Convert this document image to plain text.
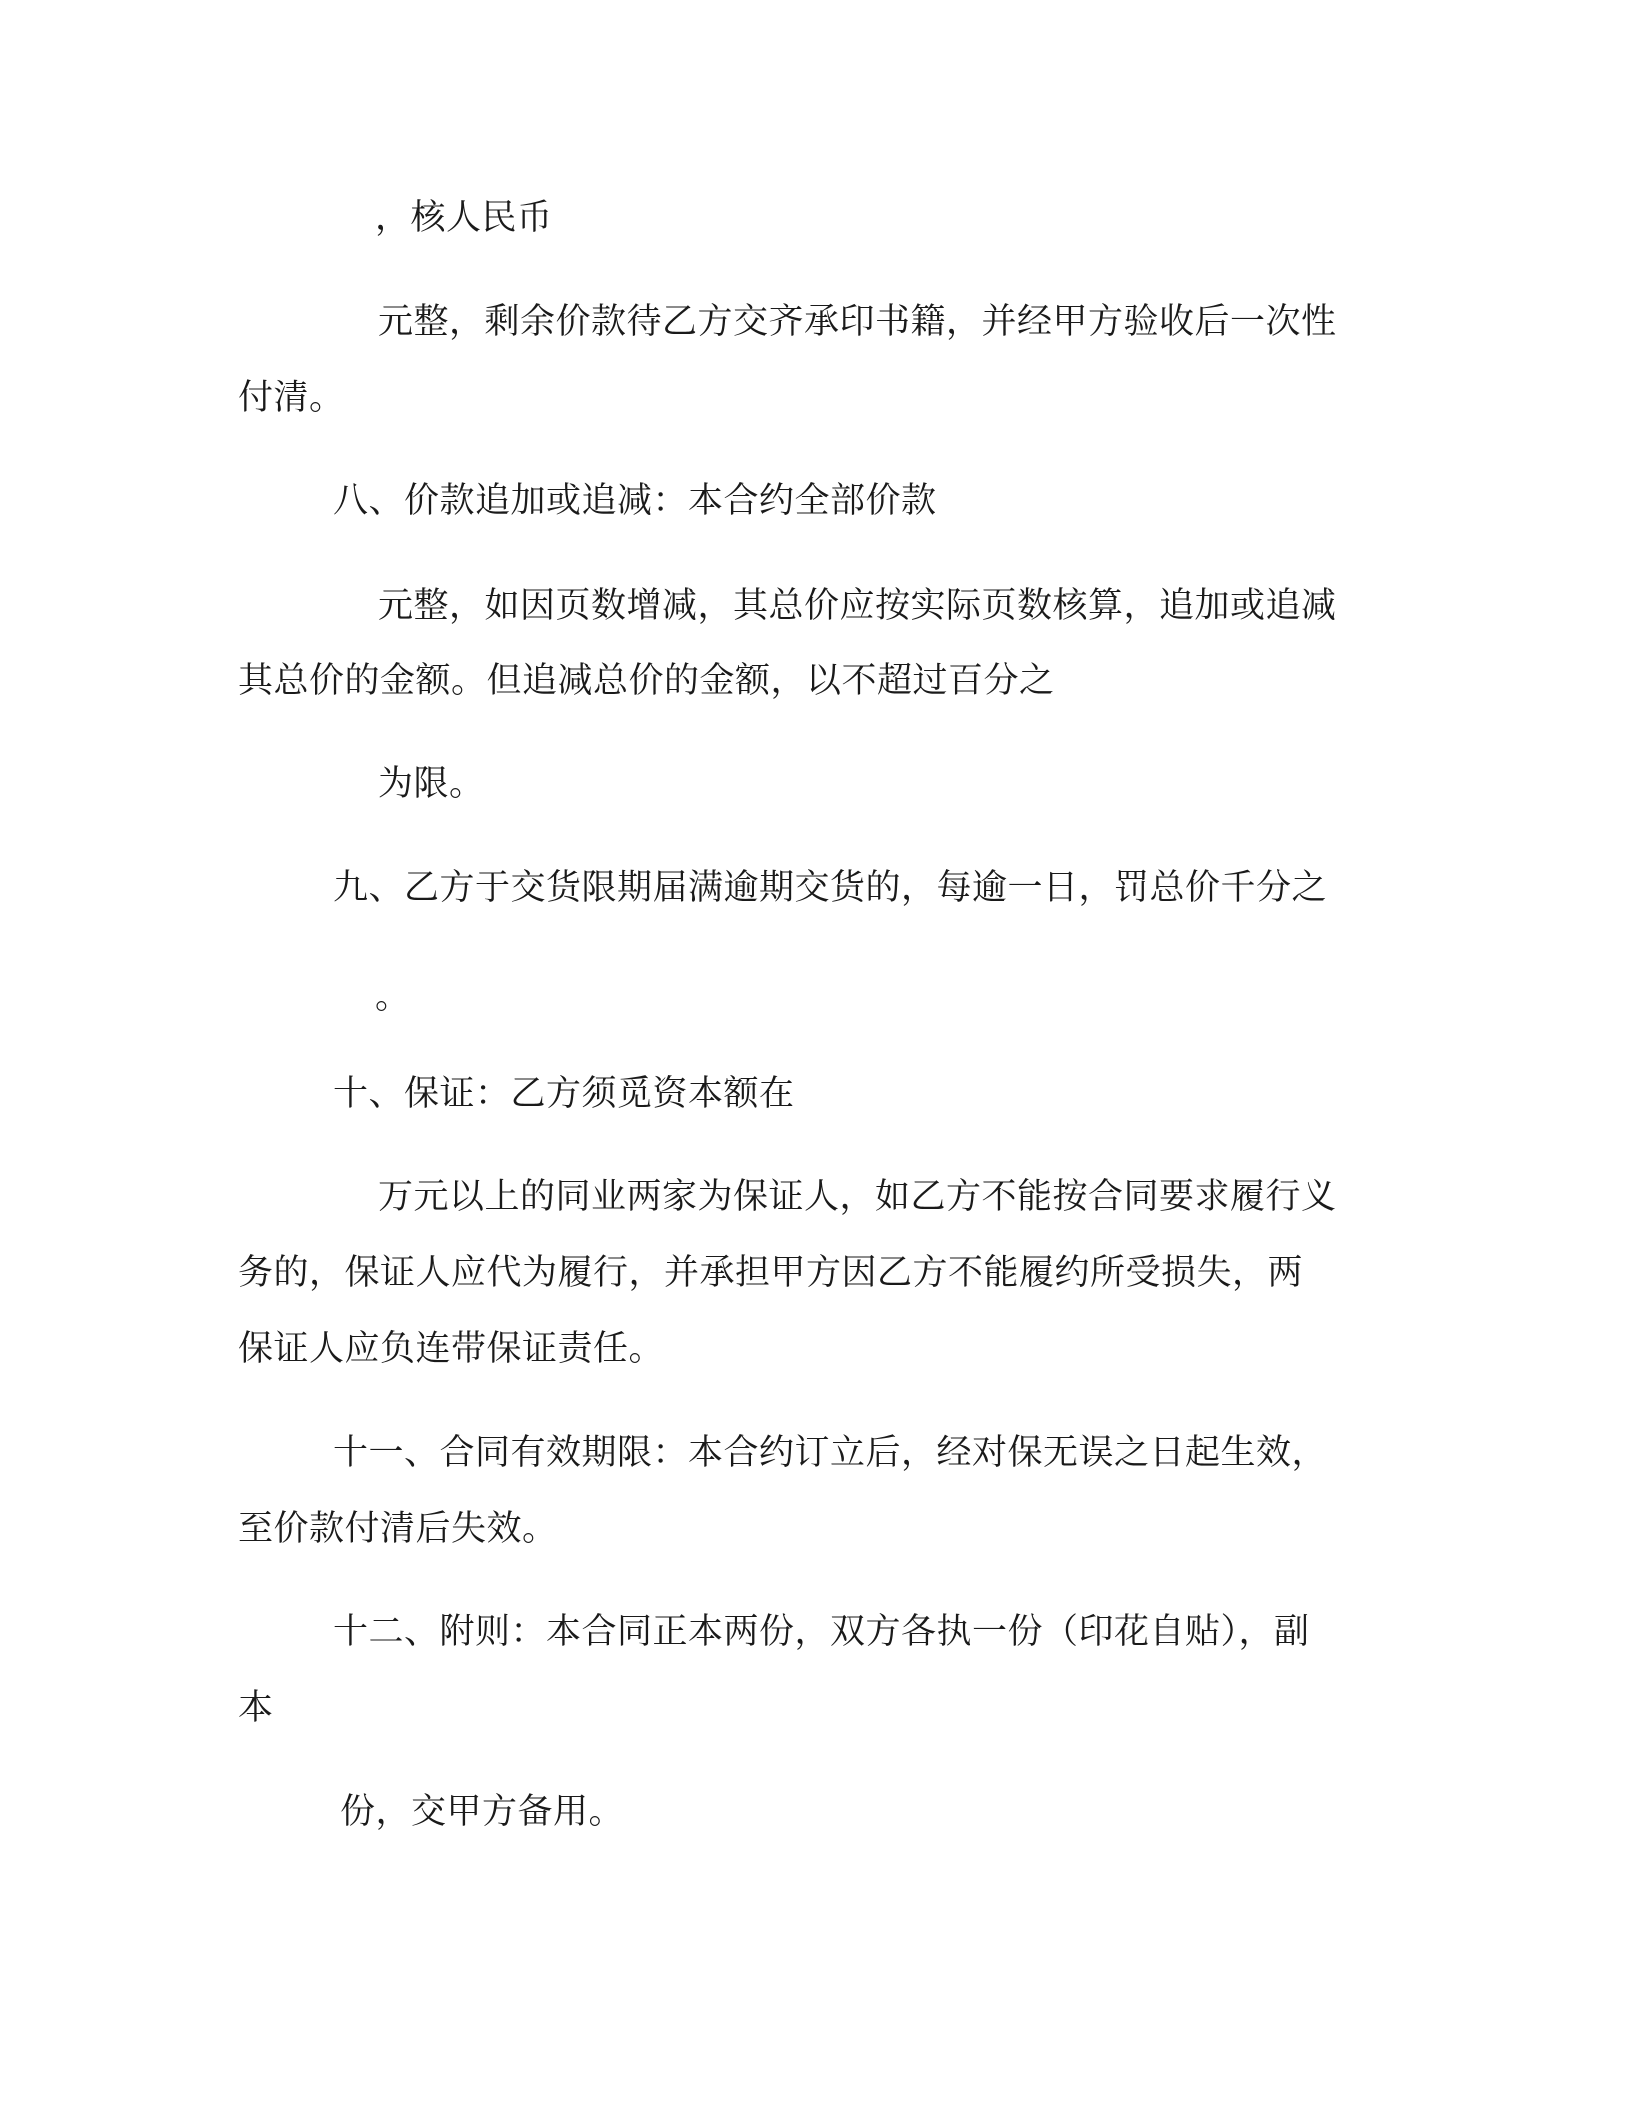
，核人民币

元整，剩余价款待乙方交齐承印书籍，并经甲方验收后一次性

付清。

八、价款追加或追减：本合约全部价款

元整，如因页数增减，其总价应按实际页数核算，追加或追减

其总价的金额。但追减总价的金额，以不超过百分之

为限。

九、乙方于交货限期届满逾期交货的，每逾一日，罚总价千分之

。

十、保证：乙方须觅资本额在

万元以上的同业两家为保证人，如乙方不能按合同要求履行义

务的，保证人应代为履行，并承担甲方因乙方不能履约所受损失，两

保证人应负连带保证责任。

十一、合同有效期限：本合约订立后，经对保无误之日起生效，

至价款付清后失效。

十二、附则：本合同正本两份，双方各执一份（印花自贴），副

本

份，交甲方备用。
